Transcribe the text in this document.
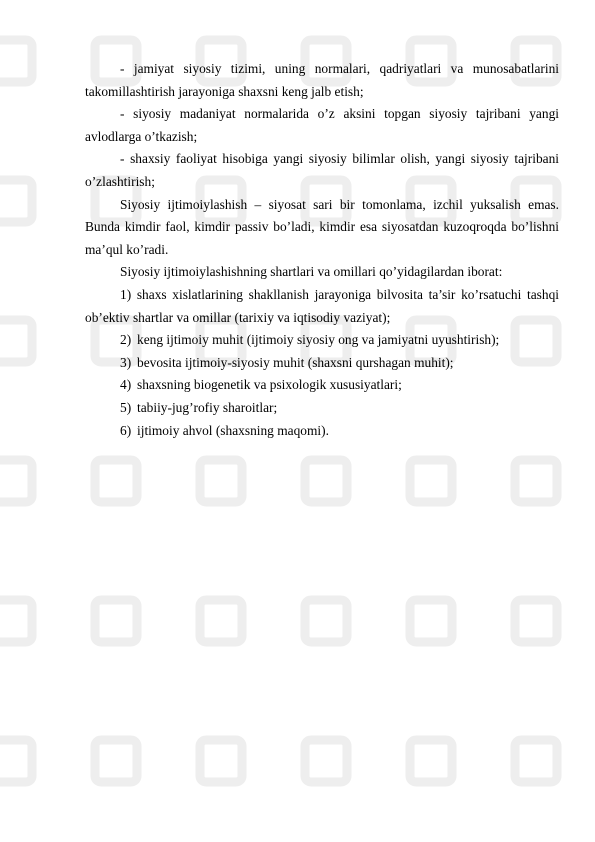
- jamiyat siyosiy tizimi, uning normalari, qadriyatlari va munosabatlarini takomillashtirish jarayoniga shaxsni keng jalb etish;

- siyosiy madaniyat normalarida o’z aksini topgan siyosiy tajribani yangi avlodlarga o’tkazish;

- shaxsiy faoliyat hisobiga yangi siyosiy bilimlar olish, yangi siyosiy tajribani o’zlashtirish;

Siyosiy ijtimoiylashish – siyosat sari bir tomonlama, izchil yuksalish emas. Bunda kimdir faol, kimdir passiv bo’ladi, kimdir esa siyosatdan kuzoqroqda bo’lishni ma’qul ko’radi.

Siyosiy ijtimoiylashishning shartlari va omillari qo’yidagilardan iborat:

1) shaxs xislatlarining shakllanish jarayoniga bilvosita ta’sir ko’rsatuchi tashqi ob’ektiv shartlar va omillar (tarixiy va iqtisodiy vaziyat);

2) keng ijtimoiy muhit (ijtimoiy siyosiy ong va jamiyatni uyushtirish);
3) bevosita ijtimoiy-siyosiy muhit (shaxsni qurshagan muhit);
4) shaxsning biogenetik va psixologik xususiyatlari;
5) tabiiy-jug’rofiy sharoitlar;
6) ijtimoiy ahvol (shaxsning maqomi).
